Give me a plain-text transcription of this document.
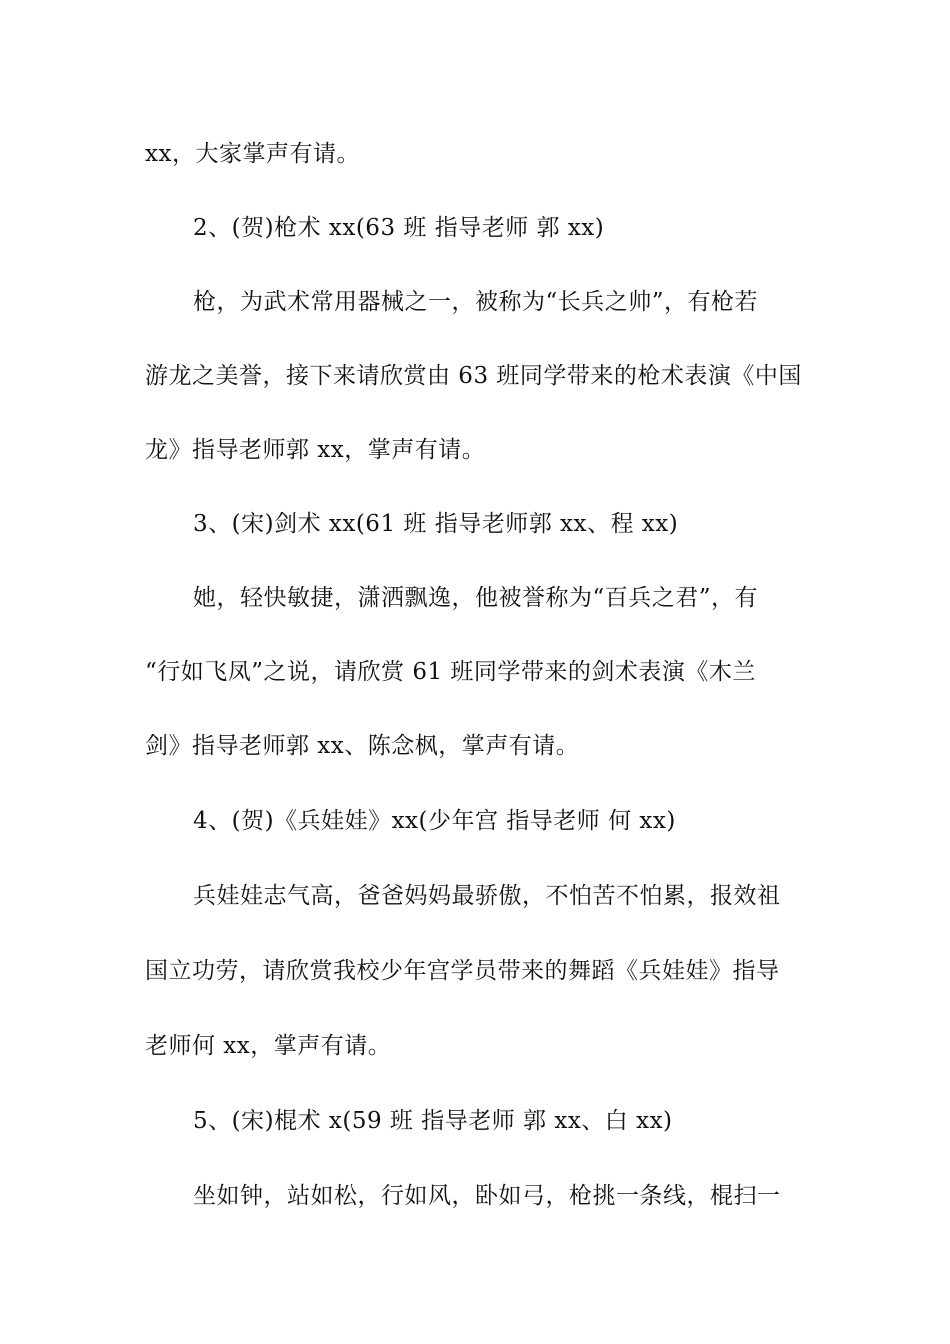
xx，大家掌声有请。
2、(贺)枪术 xx(63 班 指导老师 郭 xx)
枪，为武术常用器械之一，被称为“长兵之帅”，有枪若
游龙之美誉，接下来请欣赏由 63 班同学带来的枪术表演《中国
龙》指导老师郭 xx，掌声有请。
3、(宋)剑术 xx(61 班 指导老师郭 xx、程 xx)
她，轻快敏捷，潇洒飘逸，他被誉称为“百兵之君”，有
“行如飞凤”之说，请欣赏 61 班同学带来的剑术表演《木兰
剑》指导老师郭 xx、陈念枫，掌声有请。
4、(贺)《兵娃娃》xx(少年宫 指导老师 何 xx)
兵娃娃志气高，爸爸妈妈最骄傲，不怕苦不怕累，报效祖
国立功劳，请欣赏我校少年宫学员带来的舞蹈《兵娃娃》指导
老师何 xx，掌声有请。
5、(宋)棍术 x(59 班 指导老师 郭 xx、白 xx)
坐如钟，站如松，行如风，卧如弓，枪挑一条线，棍扫一
